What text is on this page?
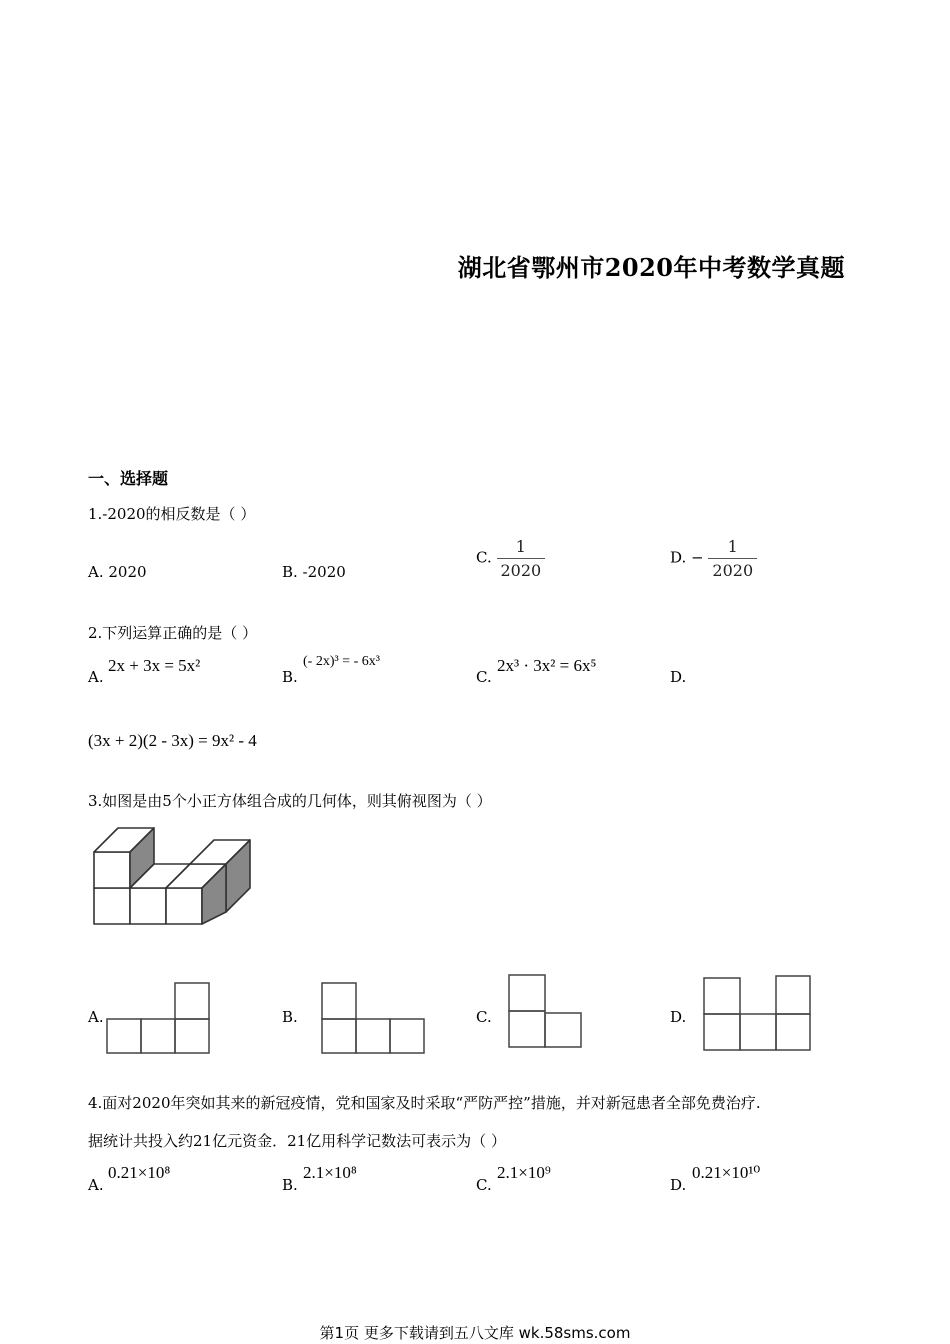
湖北省鄂州市2020年中考数学真题
一、选择题
1.-2020的相反数是（ ）
A. 2020	B. -2020
C. $\frac{1}{2020}$	D. − $\frac{1}{2020}$
2.下列运算正确的是（ ）
A.
2x + 3x = 5x²
B.
(- 2x)³ = - 6x³
C.
2x³ · 3x² = 6x⁵
D.
(3x + 2)(2 - 3x) = 9x² - 4
3.如图是由5个小正方体组合成的几何体，则其俯视图为（ ）
A.	B.	C.	D.
4.面对2020年突如其来的新冠疫情，党和国家及时采取“严防严控”措施，并对新冠患者全部免费治疗.
据统计共投入约21亿元资金．21亿用科学记数法可表示为（ ）
A.
0.21×10⁸
B.
2.1×10⁸
C.
2.1×10⁹
D.
0.21×10¹⁰
第1页 更多下载请到五八文库 wk.58sms.com
